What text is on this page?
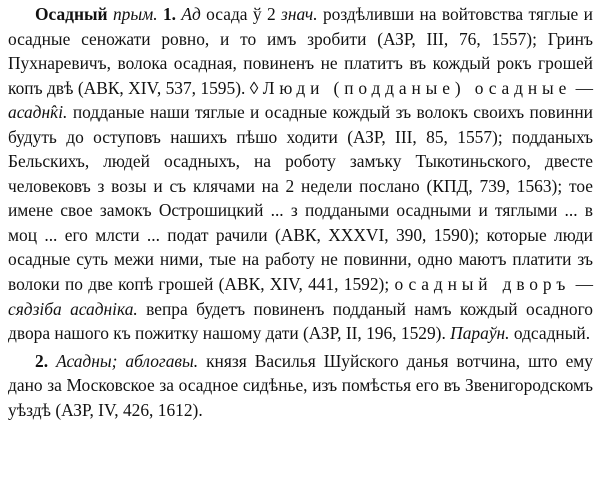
Осадный прым. 1. Ад осада ў 2 знач. роздѣливши на войтовства тяглые и осадные сеножати ровно, и то имъ зробити (АЗР, III, 76, 1557); Гринъ Пухнаревичъ, волока осадная, повиненъ не платитъ въ кождый рокъ грошей копъ двѣ (АВК, XIV, 537, 1595). ◊ Люди (подданые) осадные — асадн̂кі. подданые наши тяглые и осадные кождый зъ волокъ своихъ повинни будуть до оступовъ нашихъ пѣшо ходити (АЗР, III, 85, 1557); подданыхъ Бельскихъ, людей осадныхъ, на роботу замъку Тыкотиньского, двесте человековъ з возы и съ клячами на 2 недели послано (КПД, 739, 1563); тое имене свое замокъ Острошицкий ... з поддаными осадными и тяглыми ... в моц ... его млсти ... подат рачили (АВК, XXXVI, 390, 1590); которые люди осадные суть межи ними, тые на работу не повинни, одно маютъ платити зъ волоки по две копѣ грошей (АВК, XIV, 441, 1592); осадный дворъ — сядзіба асадніка. вепра будетъ повиненъ подданый намъ кождый осадного двора нашого къ пожитку нашому дати (АЗР, II, 196, 1529). Параўн. одсадный.

2. Асадны; аблогавы. князя Василья Шуйского данья вотчина, што ему дано за Московское за осадное сидѣнье, изъ помѣстья его въ Звенигородскомъ уѣздѣ (АЗР, IV, 426, 1612).
